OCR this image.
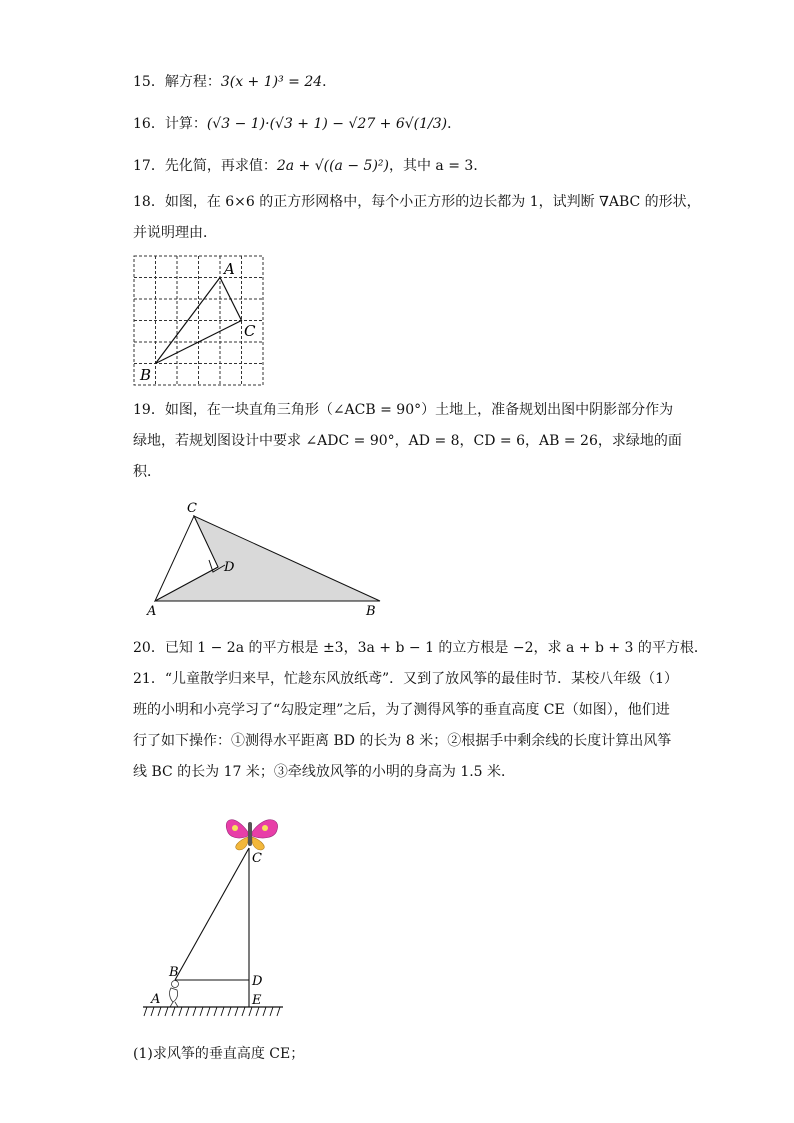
15．解方程：3(x + 1)³ = 24．
16．计算：(√3 − 1)·(√3 + 1) − √27 + 6√(1/3)．
17．先化简，再求值：2a + √((a − 5)²)，其中 a = 3．
18．如图，在 6×6 的正方形网格中，每个小正方形的边长都为 1，试判断 ∇ABC 的形状，
并说明理由．
A
C
B
19．如图，在一块直角三角形（∠ACB = 90°）土地上，准备规划出图中阴影部分作为
绿地，若规划图设计中要求 ∠ADC = 90°，AD = 8，CD = 6，AB = 26，求绿地的面
积．
C
D
A	B
20．已知 1 − 2a 的平方根是 ±3，3a + b − 1 的立方根是 −2，求 a + b + 3 的平方根．
21．“儿童散学归来早，忙趁东风放纸鸢”．又到了放风筝的最佳时节．某校八年级（1）
班的小明和小亮学习了“勾股定理”之后，为了测得风筝的垂直高度 CE（如图），他们进
行了如下操作：①测得水平距离 BD 的长为 8 米；②根据手中剩余线的长度计算出风筝
线 BC 的长为 17 米；③牵线放风筝的小明的身高为 1.5 米．
C
B
D
A	E
(1)求风筝的垂直高度 CE；
